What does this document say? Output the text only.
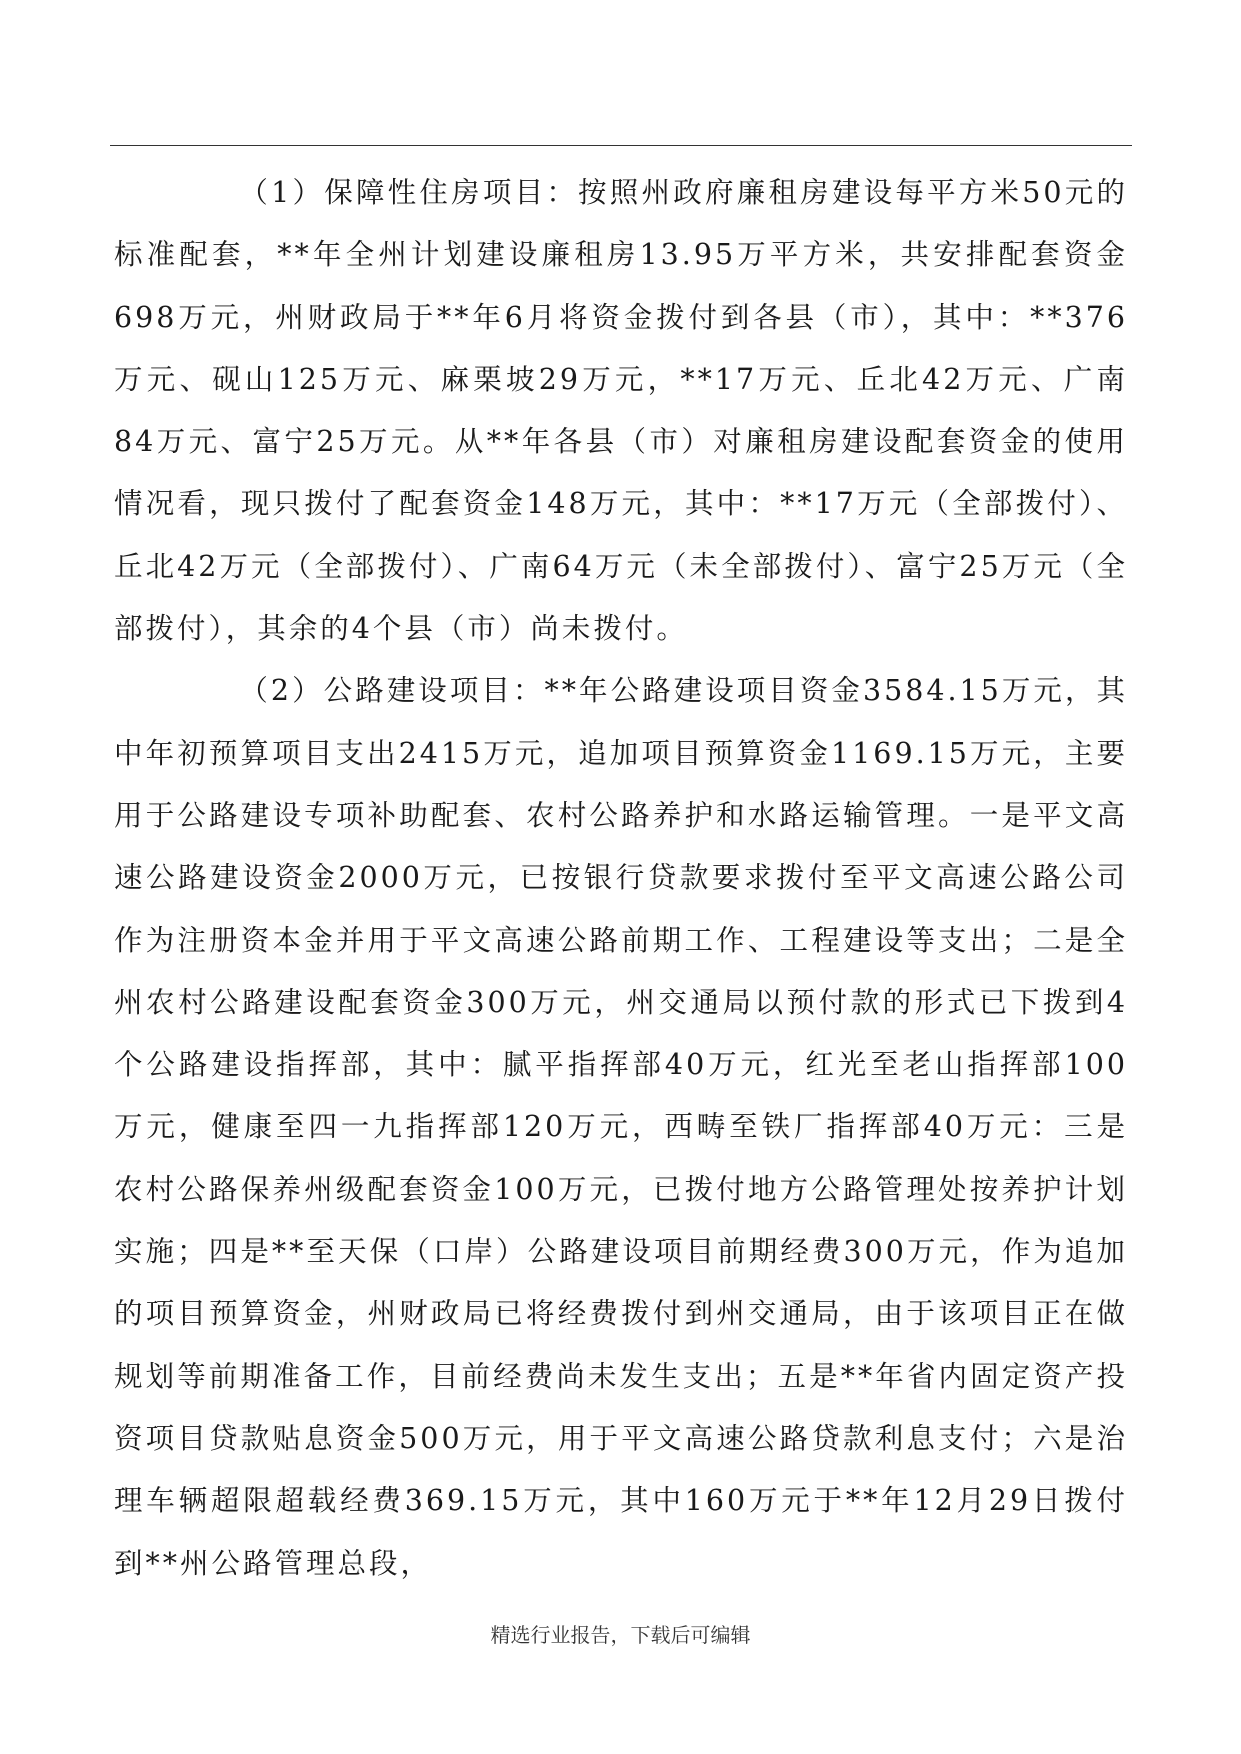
（1）保障性住房项目：按照州政府廉租房建设每平方米50元的标准配套，**年全州计划建设廉租房13.95万平方米，共安排配套资金698万元，州财政局于**年6月将资金拨付到各县（市），其中：**376万元、砚山125万元、麻栗坡29万元，**17万元、丘北42万元、广南84万元、富宁25万元。从**年各县（市）对廉租房建设配套资金的使用情况看，现只拨付了配套资金148万元，其中：**17万元（全部拨付）、丘北42万元（全部拨付）、广南64万元（未全部拨付）、富宁25万元（全部拨付），其余的4个县（市）尚未拨付。

（2）公路建设项目：**年公路建设项目资金3584.15万元，其中年初预算项目支出2415万元，追加项目预算资金1169.15万元，主要用于公路建设专项补助配套、农村公路养护和水路运输管理。一是平文高速公路建设资金2000万元，已按银行贷款要求拨付至平文高速公路公司作为注册资本金并用于平文高速公路前期工作、工程建设等支出；二是全州农村公路建设配套资金300万元，州交通局以预付款的形式已下拨到4个公路建设指挥部，其中：腻平指挥部40万元，红光至老山指挥部100万元，健康至四一九指挥部120万元，西畴至铁厂指挥部40万元：三是农村公路保养州级配套资金100万元，已拨付地方公路管理处按养护计划实施；四是**至天保（口岸）公路建设项目前期经费300万元，作为追加的项目预算资金，州财政局已将经费拨付到州交通局，由于该项目正在做规划等前期准备工作，目前经费尚未发生支出；五是**年省内固定资产投资项目贷款贴息资金500万元，用于平文高速公路贷款利息支付；六是治理车辆超限超载经费369.15万元，其中160万元于**年12月29日拨付到**州公路管理总段，

精选行业报告，下载后可编辑
